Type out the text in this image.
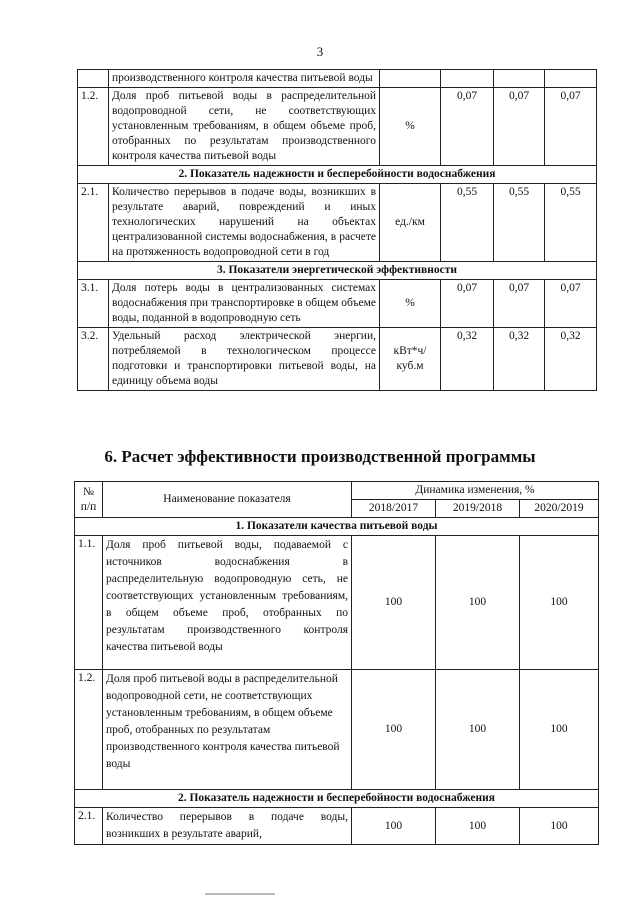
3
	производственного контроля качества питьевой воды				
1.2.	Доля проб питьевой воды в распределительной водопроводной сети, не соответствующих установленным требованиям, в общем объеме проб, отобранных по результатам производственного контроля качества питьевой воды	%	0,07	0,07	0,07
2. Показатель надежности и бесперебойности водоснабжения					
2.1.	Количество перерывов в подаче воды, возникших в результате аварий, повреждений и иных технологических нарушений на объектах централизованной системы водоснабжения, в расчете на протяженность водопроводной сети в год	ед./км	0,55	0,55	0,55
3. Показатели энергетической эффективности					
3.1.	Доля потерь воды в централизованных системах водоснабжения при транспортировке в общем объеме воды, поданной в водопроводную сеть	%	0,07	0,07	0,07
3.2.	Удельный расход электрической энергии, потребляемой в технологическом процессе подготовки и транспортировки питьевой воды, на единицу объема воды	кВт*ч/ куб.м	0,32	0,32	0,32
6. Расчет эффективности производственной программы
№
п/п	Наименование показателя	Динамика изменения, %		
		2018/2017	2019/2018	2020/2019
1. Показатели качества питьевой воды				
1.1.	Доля проб питьевой воды, подаваемой с источников водоснабжения в распределительную водопроводную сеть, не соответствующих установленным требованиям, в общем объеме проб, отобранных по результатам производственного контроля качества питьевой воды	100	100	100
1.2.	Доля проб питьевой воды в распределительной водопроводной сети, не соответствующих установленным требованиям, в общем объеме проб, отобранных по результатам производственного контроля качества питьевой воды	100	100	100
2. Показатель надежности и бесперебойности водоснабжения				
2.1.	Количество перерывов в подаче воды, возникших в результате аварий,	100	100	100
